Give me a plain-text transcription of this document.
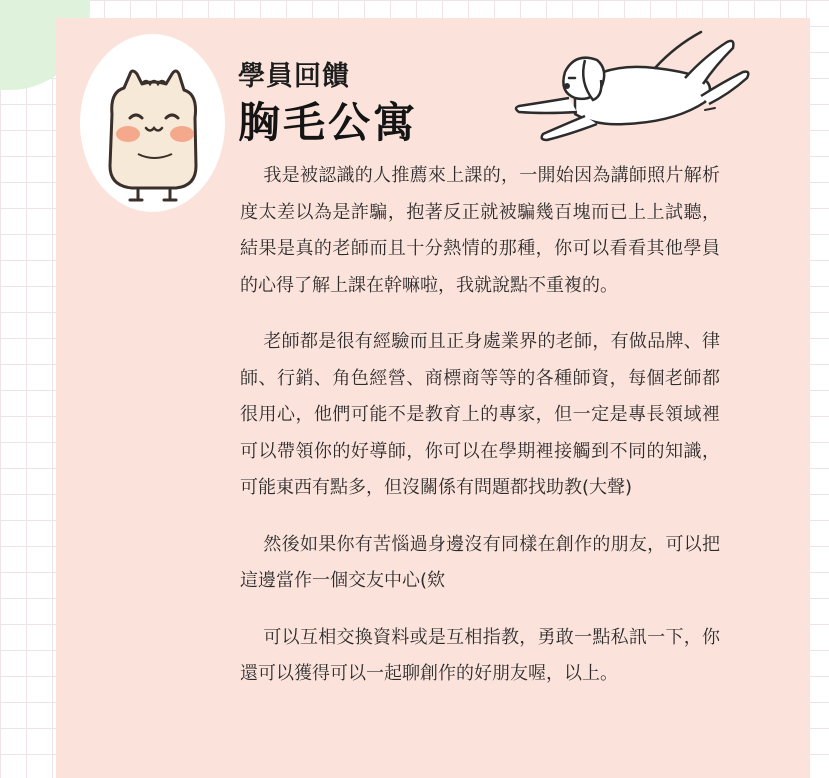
學員回饋
胸毛公寓

我是被認識的人推薦來上課的，一開始因為講師照片解析度太差以為是詐騙，抱著反正就被騙幾百塊而已上上試聽，結果是真的老師而且十分熱情的那種，你可以看看其他學員的心得了解上課在幹嘛啦，我就說點不重複的。

老師都是很有經驗而且正身處業界的老師，有做品牌、律師、行銷、角色經營、商標商等等的各種師資，每個老師都很用心，他們可能不是教育上的專家，但一定是專長領域裡可以帶領你的好導師，你可以在學期裡接觸到不同的知識，可能東西有點多，但沒關係有問題都找助教(大聲)

然後如果你有苦惱過身邊沒有同樣在創作的朋友，可以把這邊當作一個交友中心(欸

可以互相交換資料或是互相指教，勇敢一點私訊一下，你還可以獲得可以一起聊創作的好朋友喔，以上。
